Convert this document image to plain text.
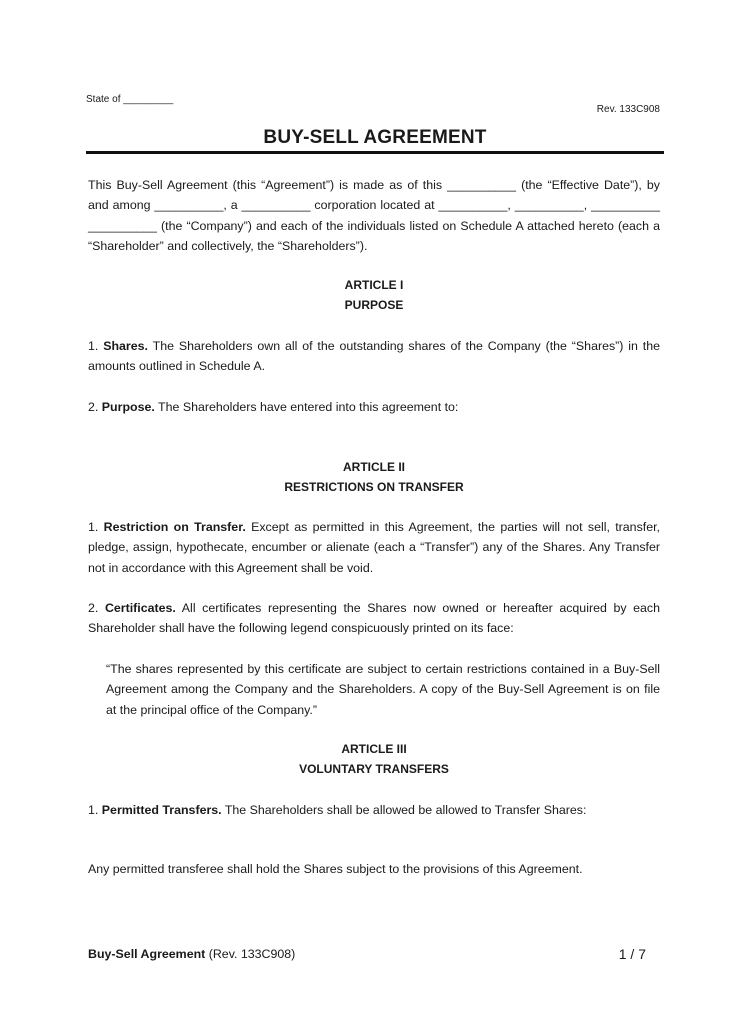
State of _________
Rev. 133C908
BUY-SELL AGREEMENT

This Buy-Sell Agreement (this “Agreement”) is made as of this __________ (the “Effective Date”), by and among __________, a __________ corporation located at __________, __________, __________ __________ (the “Company”) and each of the individuals listed on Schedule A attached hereto (each a “Shareholder” and collectively, the “Shareholders”).

ARTICLE I
PURPOSE

1. Shares. The Shareholders own all of the outstanding shares of the Company (the “Shares”) in the amounts outlined in Schedule A.

2. Purpose. The Shareholders have entered into this agreement to:

ARTICLE II
RESTRICTIONS ON TRANSFER

1. Restriction on Transfer. Except as permitted in this Agreement, the parties will not sell, transfer, pledge, assign, hypothecate, encumber or alienate (each a “Transfer”) any of the Shares. Any Transfer not in accordance with this Agreement shall be void.

2. Certificates. All certificates representing the Shares now owned or hereafter acquired by each Shareholder shall have the following legend conspicuously printed on its face:

“The shares represented by this certificate are subject to certain restrictions contained in a Buy-Sell Agreement among the Company and the Shareholders. A copy of the Buy-Sell Agreement is on file at the principal office of the Company.”

ARTICLE III
VOLUNTARY TRANSFERS

1. Permitted Transfers. The Shareholders shall be allowed be allowed to Transfer Shares:

Any permitted transferee shall hold the Shares subject to the provisions of this Agreement.

Buy-Sell Agreement (Rev. 133C908)	1 / 7
